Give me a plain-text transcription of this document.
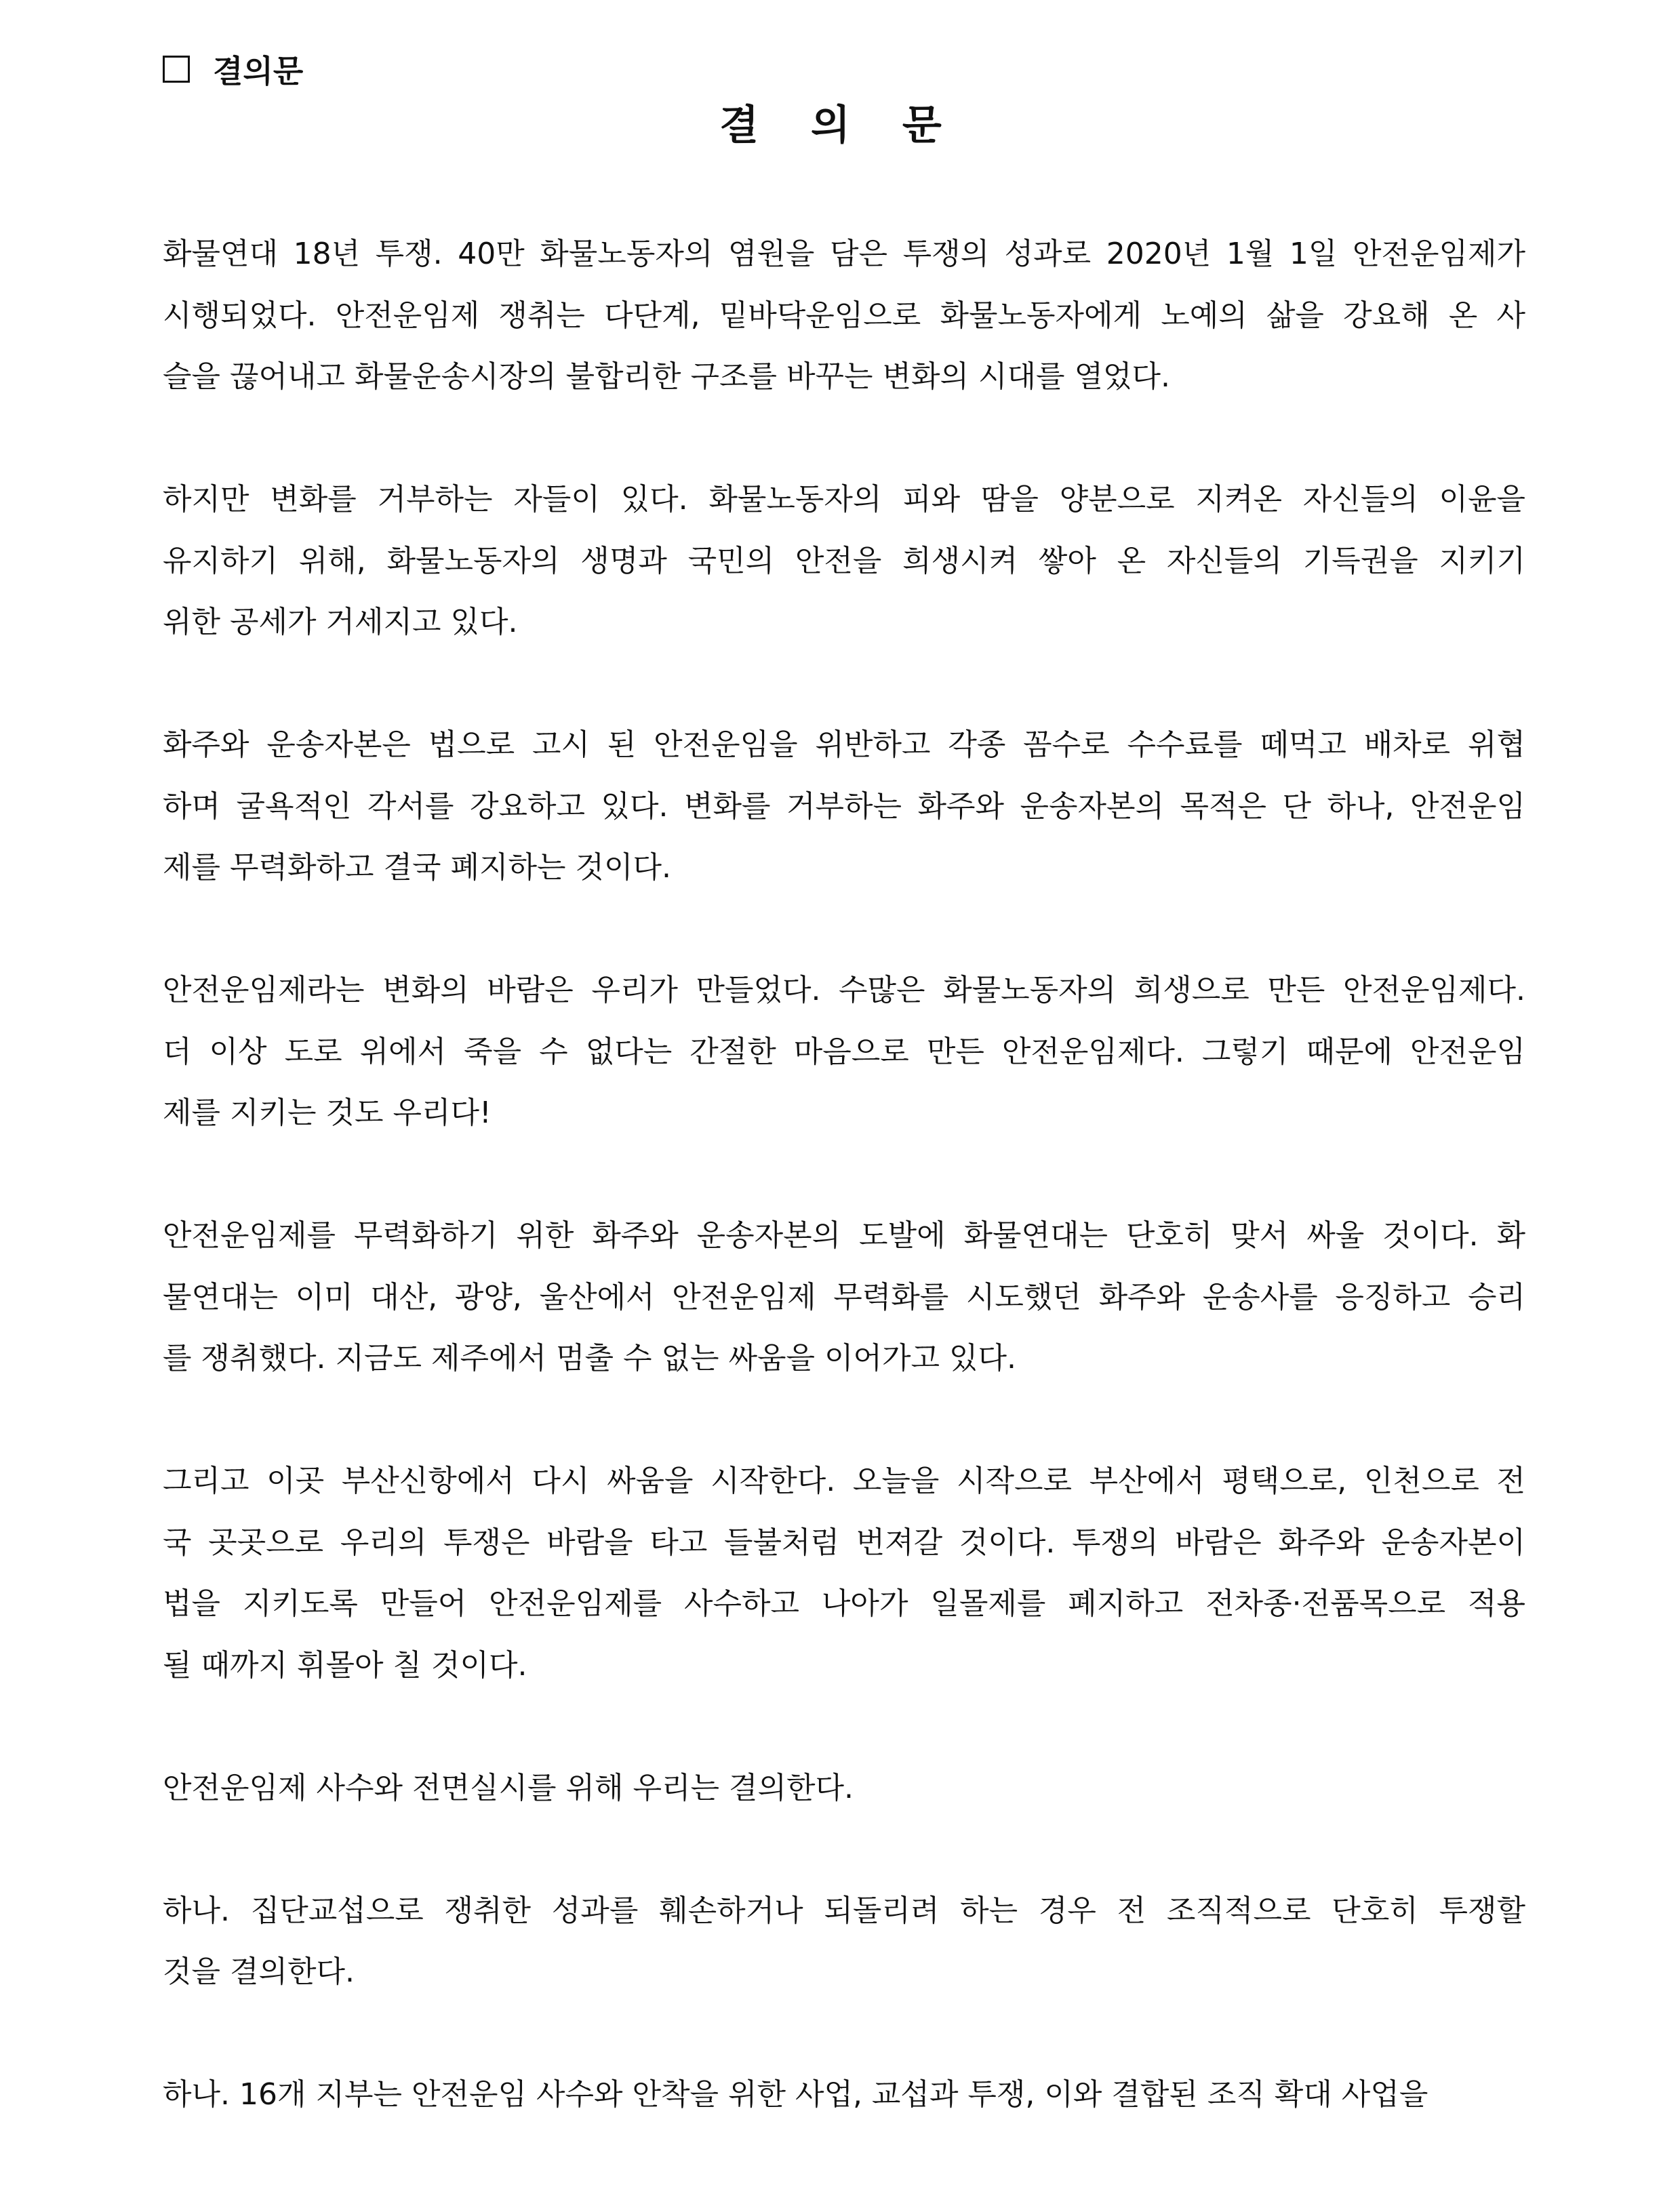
결의문
결 의 문
화물연대 18년 투쟁. 40만 화물노동자의 염원을 담은 투쟁의 성과로 2020년 1월 1일 안전운임제가
시행되었다. 안전운임제 쟁취는 다단계, 밑바닥운임으로 화물노동자에게 노예의 삶을 강요해 온 사
슬을 끊어내고 화물운송시장의 불합리한 구조를 바꾸는 변화의 시대를 열었다.
하지만 변화를 거부하는 자들이 있다. 화물노동자의 피와 땀을 양분으로 지켜온 자신들의 이윤을
유지하기 위해, 화물노동자의 생명과 국민의 안전을 희생시켜 쌓아 온 자신들의 기득권을 지키기
위한 공세가 거세지고 있다.
화주와 운송자본은 법으로 고시 된 안전운임을 위반하고 각종 꼼수로 수수료를 떼먹고 배차로 위협
하며 굴욕적인 각서를 강요하고 있다. 변화를 거부하는 화주와 운송자본의 목적은 단 하나, 안전운임
제를 무력화하고 결국 폐지하는 것이다.
안전운임제라는 변화의 바람은 우리가 만들었다. 수많은 화물노동자의 희생으로 만든 안전운임제다.
더 이상 도로 위에서 죽을 수 없다는 간절한 마음으로 만든 안전운임제다. 그렇기 때문에 안전운임
제를 지키는 것도 우리다!
안전운임제를 무력화하기 위한 화주와 운송자본의 도발에 화물연대는 단호히 맞서 싸울 것이다. 화
물연대는 이미 대산, 광양, 울산에서 안전운임제 무력화를 시도했던 화주와 운송사를 응징하고 승리
를 쟁취했다. 지금도 제주에서 멈출 수 없는 싸움을 이어가고 있다.
그리고 이곳 부산신항에서 다시 싸움을 시작한다. 오늘을 시작으로 부산에서 평택으로, 인천으로 전
국 곳곳으로 우리의 투쟁은 바람을 타고 들불처럼 번져갈 것이다. 투쟁의 바람은 화주와 운송자본이
법을 지키도록 만들어 안전운임제를 사수하고 나아가 일몰제를 폐지하고 전차종·전품목으로 적용
될 때까지 휘몰아 칠 것이다.
안전운임제 사수와 전면실시를 위해 우리는 결의한다.
하나. 집단교섭으로 쟁취한 성과를 훼손하거나 되돌리려 하는 경우 전 조직적으로 단호히 투쟁할
것을 결의한다.
하나. 16개 지부는 안전운임 사수와 안착을 위한 사업, 교섭과 투쟁, 이와 결합된 조직 확대 사업을
